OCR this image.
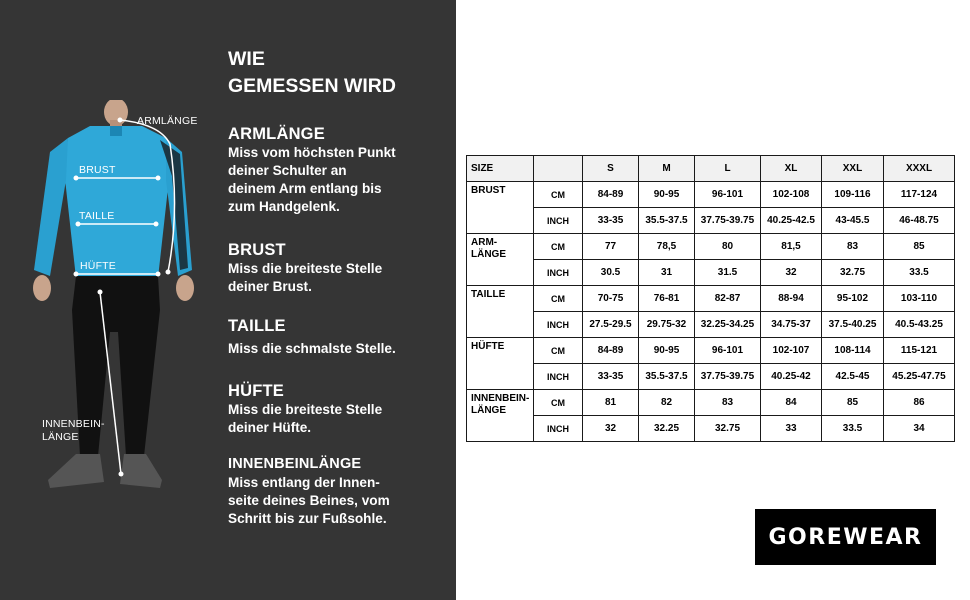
ARMLÄNGE
BRUST
TAILLE
HÜFTE
INNENBEIN-
LÄNGE
WIE
GEMESSEN WIRD
ARMLÄNGE

Miss vom höchsten Punkt
deiner Schulter an
deinem Arm entlang bis
zum Handgelenk.

BRUST

Miss die breiteste Stelle
deiner Brust.

TAILLE

Miss die schmalste Stelle.

HÜFTE

Miss die breiteste Stelle
deiner Hüfte.

INNENBEINLÄNGE

Miss entlang der Innen-
seite deines Beines, vom
Schritt bis zur Fußsohle.

SIZE		S	M	L	XL	XXL	XXXL
BRUST	CM	84-89	90-95	96-101	102-108	109-116	117-124
	INCH	33-35	35.5-37.5	37.75-39.75	40.25-42.5	43-45.5	46-48.75
ARM-
LÄNGE	CM	77	78,5	80	81,5	83	85
	INCH	30.5	31	31.5	32	32.75	33.5
TAILLE	CM	70-75	76-81	82-87	88-94	95-102	103-110
	INCH	27.5-29.5	29.75-32	32.25-34.25	34.75-37	37.5-40.25	40.5-43.25
HÜFTE	CM	84-89	90-95	96-101	102-107	108-114	115-121
	INCH	33-35	35.5-37.5	37.75-39.75	40.25-42	42.5-45	45.25-47.75
INNENBEIN-
LÄNGE	CM	81	82	83	84	85	86
	INCH	32	32.25	32.75	33	33.5	34
GOREWEAR
